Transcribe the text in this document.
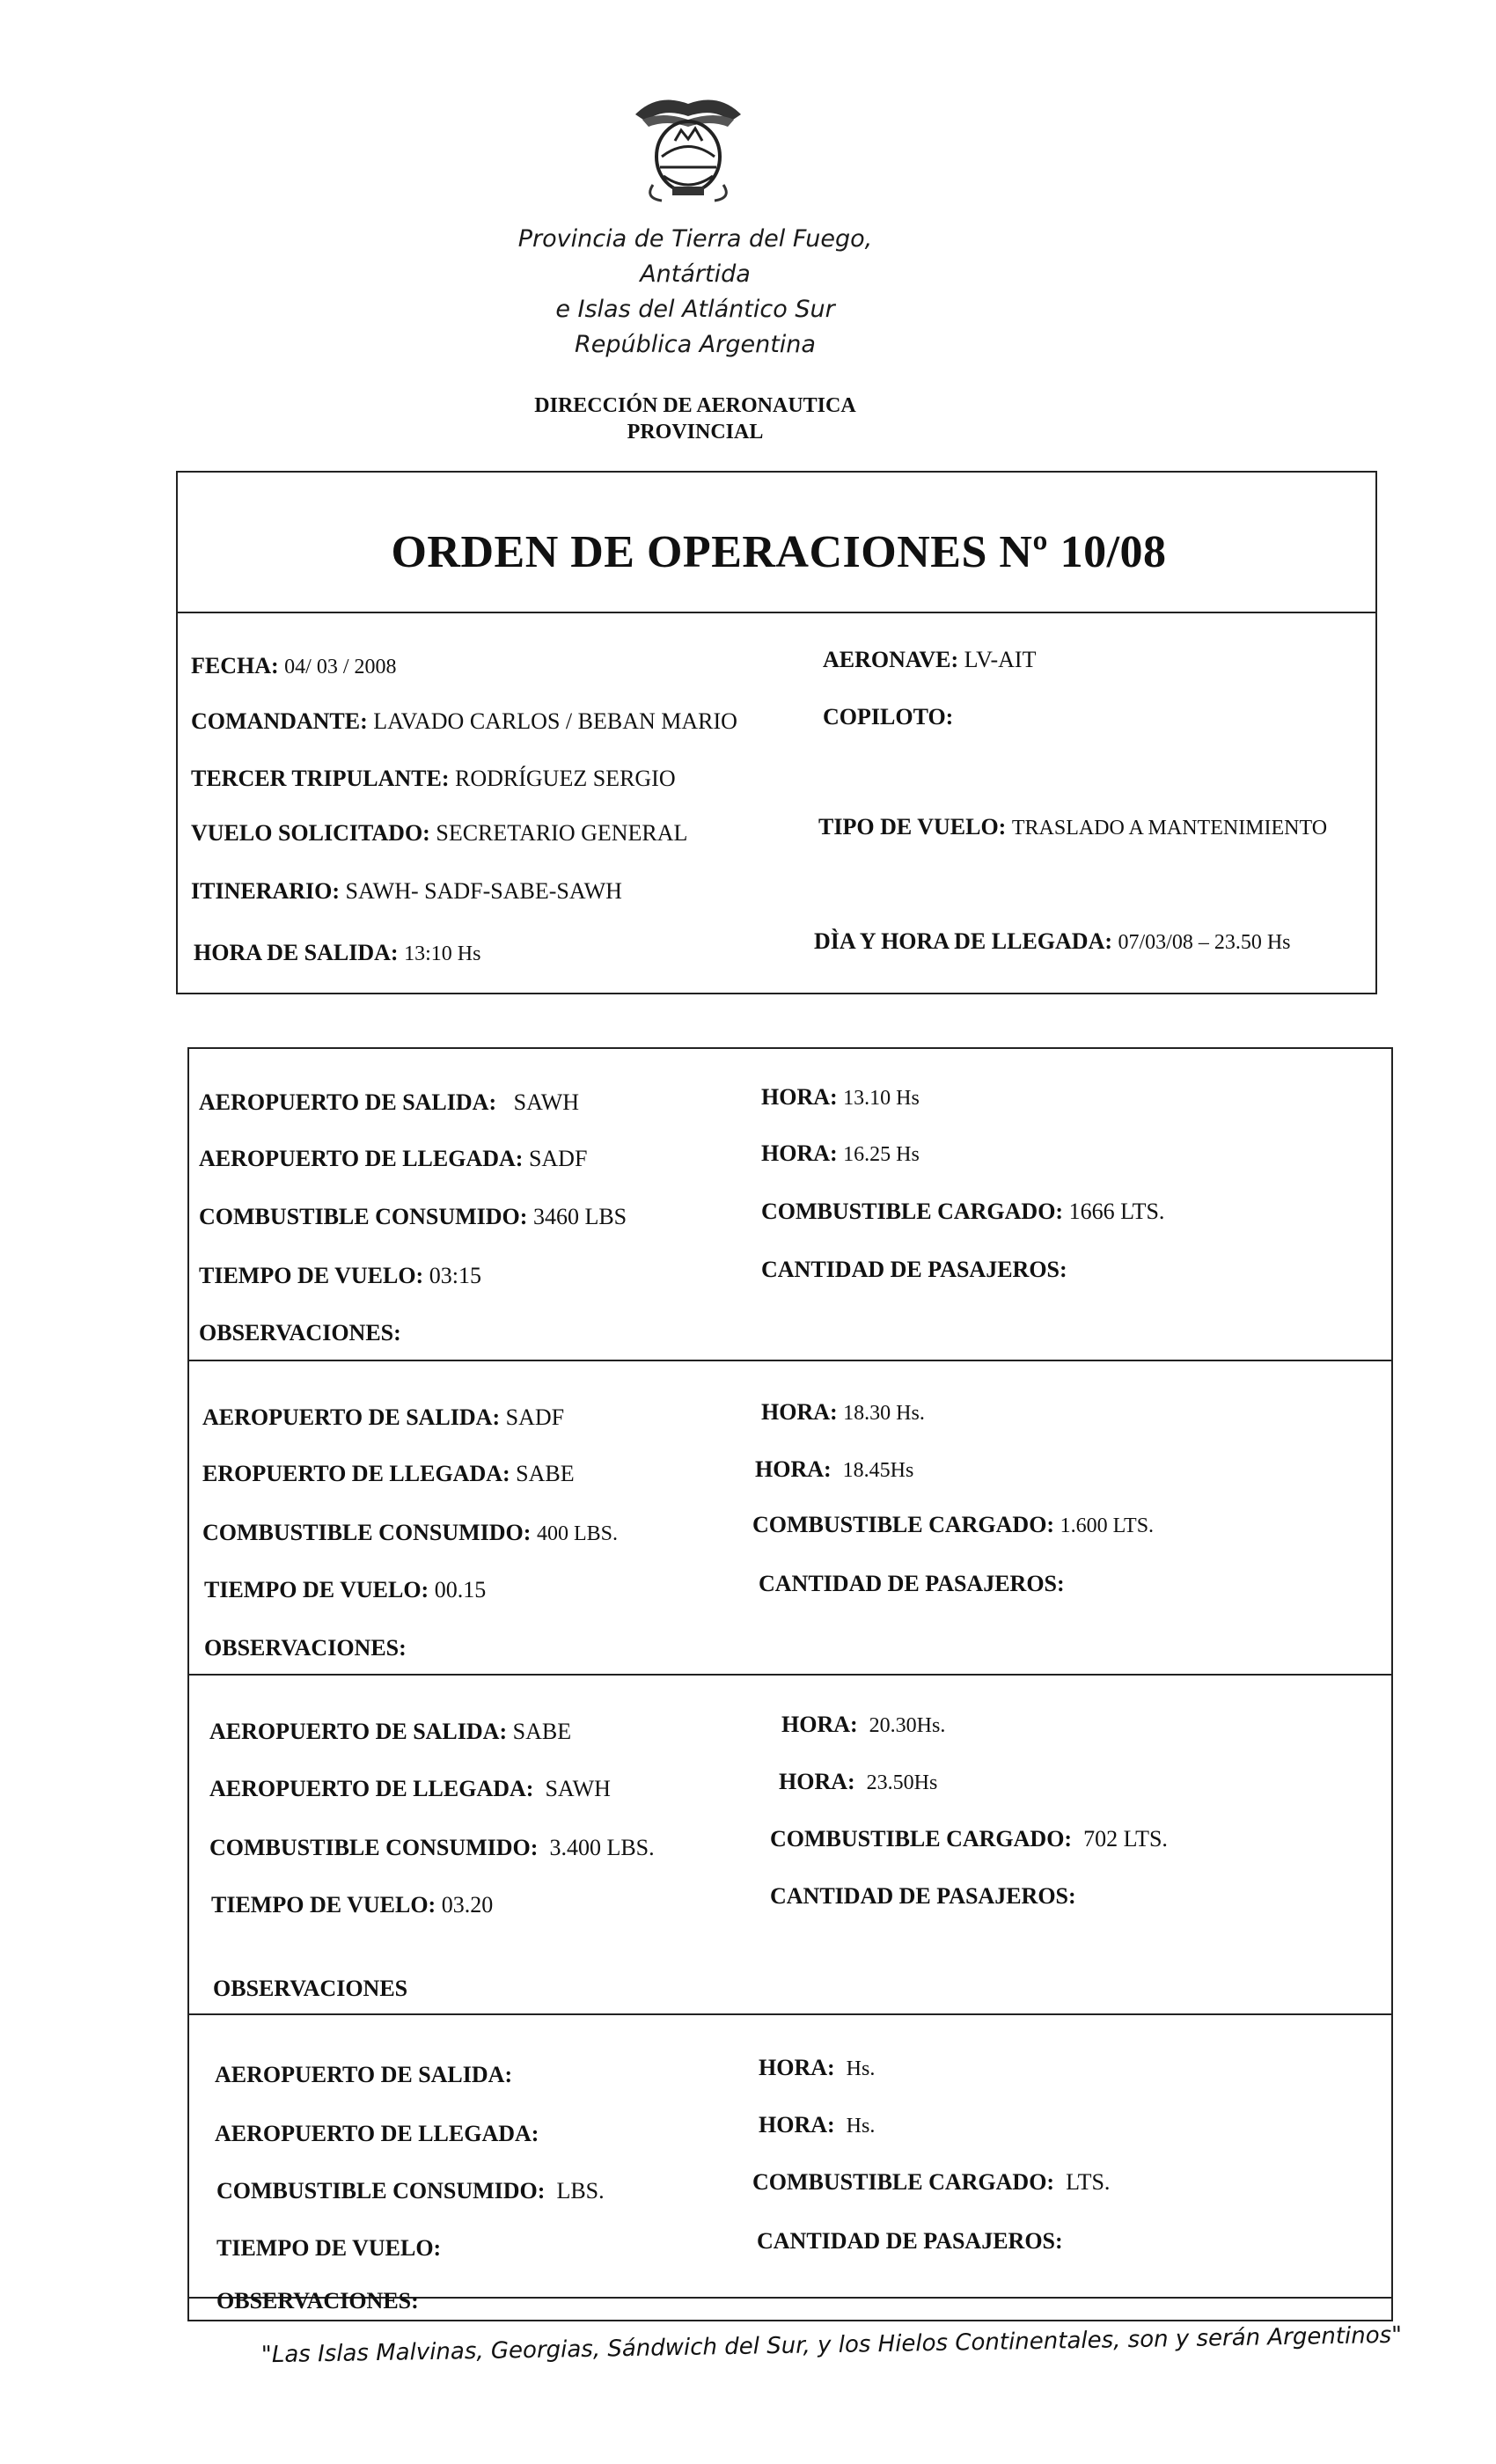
Provincia de Tierra del Fuego,
Antártida
e Islas del Atlántico Sur
República Argentina
DIRECCIÓN DE AERONAUTICA
PROVINCIAL
ORDEN DE OPERACIONES Nº 10/08
FECHA: 04/ 03 / 2008	AERONAVE: LV-AIT
COMANDANTE: LAVADO CARLOS / BEBAN MARIO	COPILOTO:
TERCER TRIPULANTE: RODRÍGUEZ SERGIO
VUELO SOLICITADO: SECRETARIO GENERAL	TIPO DE VUELO: TRASLADO A MANTENIMIENTO
ITINERARIO: SAWH- SADF-SABE-SAWH
HORA DE SALIDA: 13:10 Hs	DÌA Y HORA DE LLEGADA: 07/03/08 – 23.50 Hs
AEROPUERTO DE SALIDA: SAWH	HORA: 13.10 Hs
AEROPUERTO DE LLEGADA: SADF	HORA: 16.25 Hs
COMBUSTIBLE CONSUMIDO: 3460 LBS	COMBUSTIBLE CARGADO: 1666 LTS.
TIEMPO DE VUELO: 03:15	CANTIDAD DE PASAJEROS:
OBSERVACIONES:
AEROPUERTO DE SALIDA: SADF	HORA: 18.30 Hs.
EROPUERTO DE LLEGADA: SABE	HORA: 18.45Hs
COMBUSTIBLE CONSUMIDO: 400 LBS.	COMBUSTIBLE CARGADO: 1.600 LTS.
TIEMPO DE VUELO: 00.15	CANTIDAD DE PASAJEROS:
OBSERVACIONES:
AEROPUERTO DE SALIDA: SABE	HORA: 20.30Hs.
AEROPUERTO DE LLEGADA: SAWH	HORA: 23.50Hs
COMBUSTIBLE CONSUMIDO: 3.400 LBS.	COMBUSTIBLE CARGADO: 702 LTS.
TIEMPO DE VUELO: 03.20	CANTIDAD DE PASAJEROS:
OBSERVACIONES
AEROPUERTO DE SALIDA:	HORA: Hs.
AEROPUERTO DE LLEGADA:	HORA: Hs.
COMBUSTIBLE CONSUMIDO: LBS.	COMBUSTIBLE CARGADO: LTS.
TIEMPO DE VUELO:	CANTIDAD DE PASAJEROS:
OBSERVACIONES:
"Las Islas Malvinas, Georgias, Sándwich del Sur, y los Hielos Continentales, son y serán Argentinos"
